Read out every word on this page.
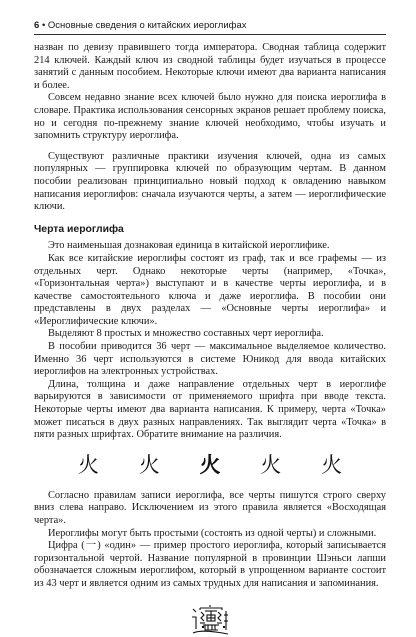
6 • Основные сведения о китайских иероглифах

назван по девизу правившего тогда императора. Сводная таблица содержит 214 ключей. Каждый ключ из сводной таблицы будет изучаться в процессе занятий с данным пособием. Некоторые ключи имеют два варианта написания и более.

Совсем недавно знание всех ключей было нужно для поиска иероглифа в словаре. Практика использования сенсорных экранов решает проблему поиска, но и сегодня по-прежнему знание ключей необходимо, чтобы изучать и запомнить структуру иероглифа.

Существуют различные практики изучения ключей, одна из самых популярных — группировка ключей по образующим чертам. В данном пособии реализован принципиально новый подход к овладению навыком написания иероглифов: сначала изучаются черты, а затем — иероглифические ключи.

Черта иероглифа

Это наименьшая дознаковая единица в китайской иероглифике.

Как все китайские иероглифы состоят из граф, так и все графемы — из отдельных черт. Однако некоторые черты (например, «Точка», «Горизонтальная черта») выступают и в качестве черты иероглифа, и в качестве самостоятельного ключа и даже иероглифа. В пособии они представлены в двух разделах — «Основные черты иероглифа» и «Иероглифические ключи».

Выделяют 8 простых и множество составных черт иероглифа.

В пособии приводится 36 черт — максимальное выделяемое количество. Именно 36 черт используются в системе Юникод для ввода китайских иероглифов на электронных устройствах.

Длина, толщина и даже направление отдельных черт в иероглифе варьируются в зависимости от применяемого шрифта при вводе текста. Некоторые черты имеют два варианта написания. К примеру, черта «Точка» может писаться в двух разных направлениях. Так выглядит черта «Точка» в пяти разных шрифтах. Обратите внимание на различия.

火 火 火 火 火

Согласно правилам записи иероглифа, все черты пишутся строго сверху вниз слева направо. Исключением из этого правила является «Восходящая черта».

Иероглифы могут быть простыми (состоять из одной черты) и сложными.

Цифра (一) «один» — пример простого иероглифа, который записывается горизонтальной чертой. Название популярной в провинции Шэньси лапши обозначается сложным иероглифом, который в упрощенном варианте состоит из 43 черт и является одним из самых трудных для написания и запоминания.
